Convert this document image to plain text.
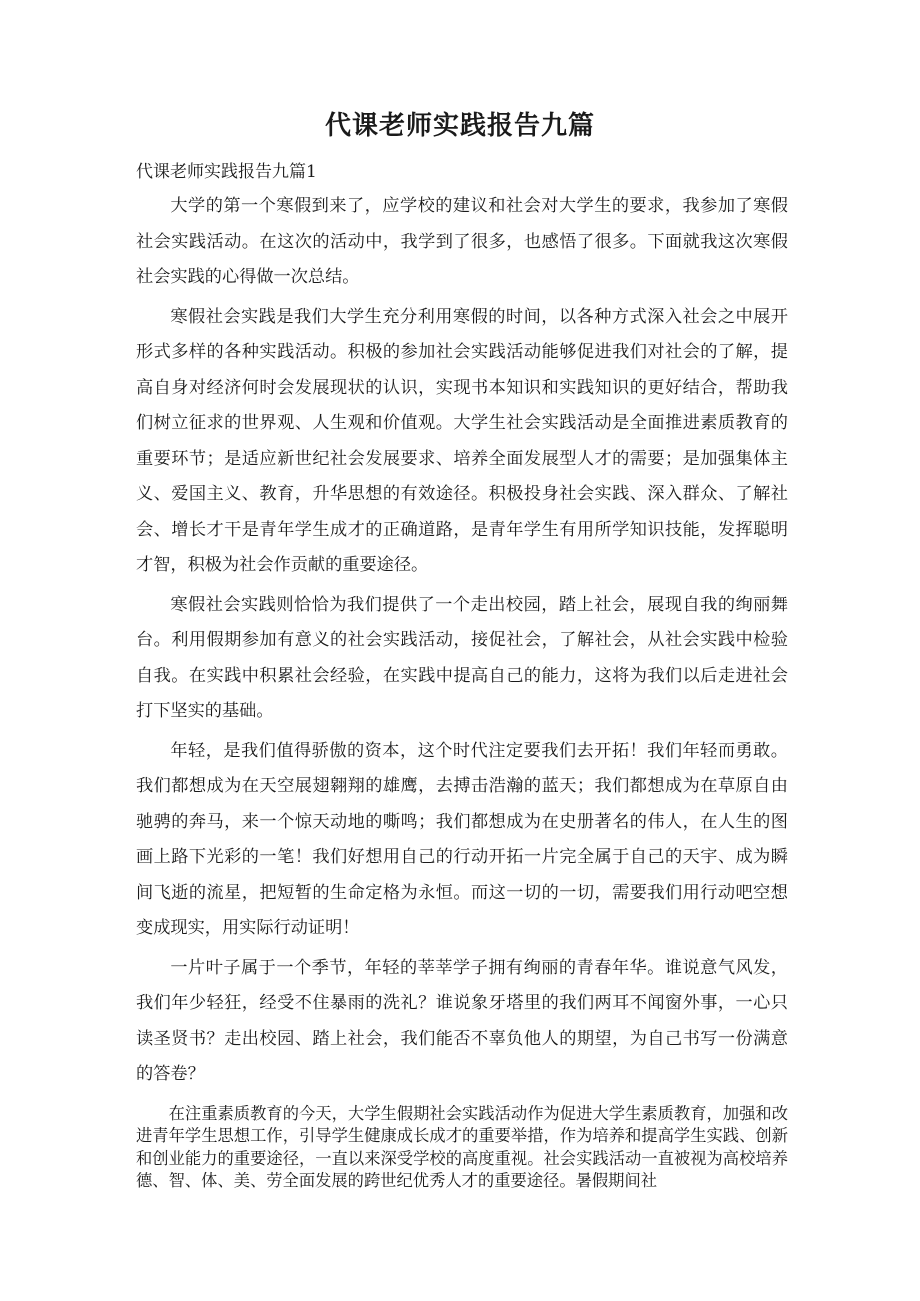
代课老师实践报告九篇

代课老师实践报告九篇1

大学的第一个寒假到来了，应学校的建议和社会对大学生的要求，我参加了寒假社会实践活动。在这次的活动中，我学到了很多，也感悟了很多。下面就我这次寒假社会实践的心得做一次总结。

寒假社会实践是我们大学生充分利用寒假的时间，以各种方式深入社会之中展开形式多样的各种实践活动。积极的参加社会实践活动能够促进我们对社会的了解，提高自身对经济何时会发展现状的认识，实现书本知识和实践知识的更好结合，帮助我们树立征求的世界观、人生观和价值观。大学生社会实践活动是全面推进素质教育的重要环节；是适应新世纪社会发展要求、培养全面发展型人才的需要；是加强集体主义、爱国主义、教育，升华思想的有效途径。积极投身社会实践、深入群众、了解社会、增长才干是青年学生成才的正确道路，是青年学生有用所学知识技能，发挥聪明才智，积极为社会作贡献的重要途径。

寒假社会实践则恰恰为我们提供了一个走出校园，踏上社会，展现自我的绚丽舞台。利用假期参加有意义的社会实践活动，接促社会，了解社会，从社会实践中检验自我。在实践中积累社会经验，在实践中提高自己的能力，这将为我们以后走进社会打下坚实的基础。

年轻，是我们值得骄傲的资本，这个时代注定要我们去开拓！我们年轻而勇敢。我们都想成为在天空展翅翱翔的雄鹰，去搏击浩瀚的蓝天；我们都想成为在草原自由驰骋的奔马，来一个惊天动地的嘶鸣；我们都想成为在史册著名的伟人，在人生的图画上路下光彩的一笔！我们好想用自己的行动开拓一片完全属于自己的天宇、成为瞬间飞逝的流星，把短暂的生命定格为永恒。而这一切的一切，需要我们用行动吧空想变成现实，用实际行动证明！

一片叶子属于一个季节，年轻的莘莘学子拥有绚丽的青春年华。谁说意气风发，我们年少轻狂，经受不住暴雨的洗礼？谁说象牙塔里的我们两耳不闻窗外事，一心只读圣贤书？走出校园、踏上社会，我们能否不辜负他人的期望，为自己书写一份满意的答卷？

在注重素质教育的今天，大学生假期社会实践活动作为促进大学生素质教育，加强和改进青年学生思想工作，引导学生健康成长成才的重要举措，作为培养和提高学生实践、创新和创业能力的重要途径，一直以来深受学校的高度重视。社会实践活动一直被视为高校培养德、智、体、美、劳全面发展的跨世纪优秀人才的重要途径。暑假期间社
